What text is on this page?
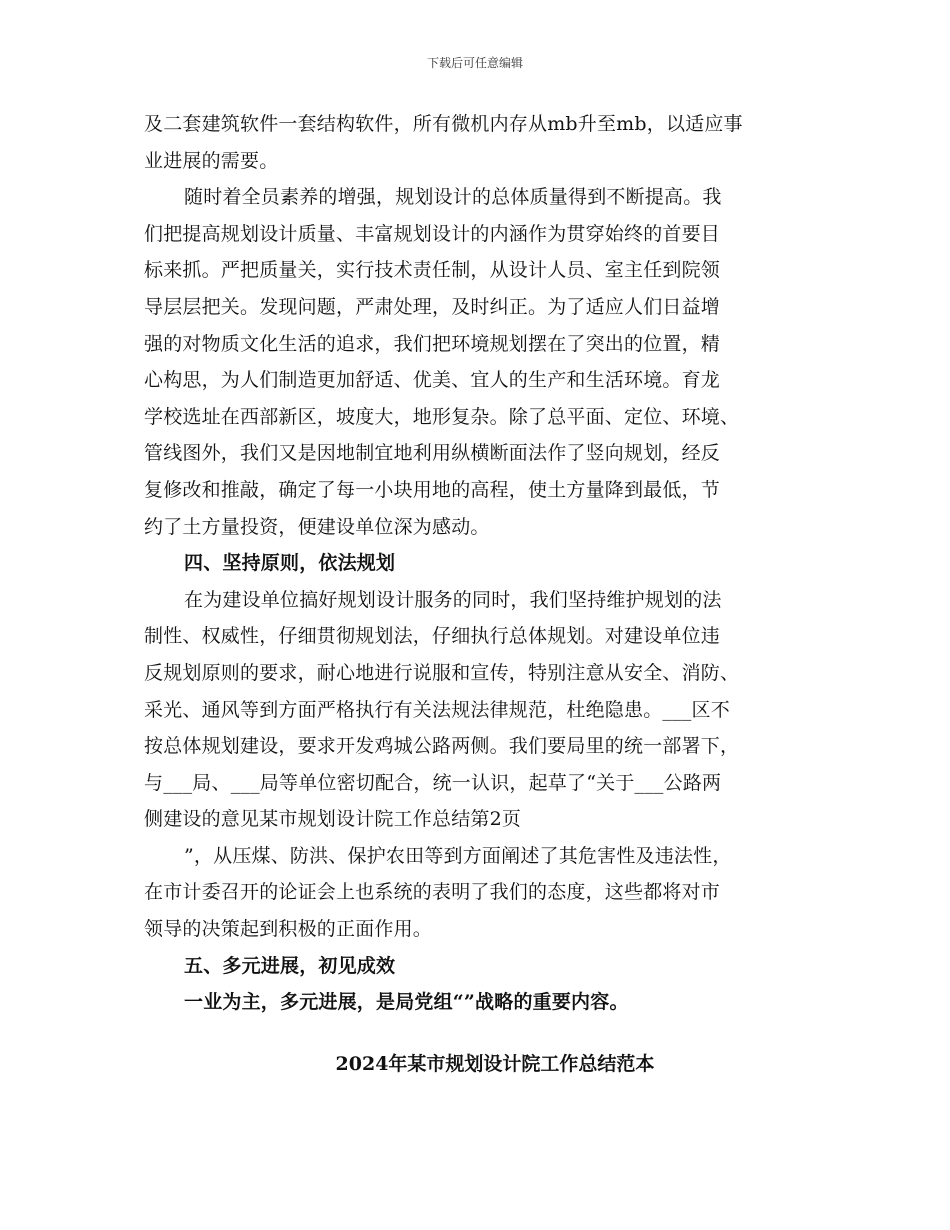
下载后可任意编辑
及二套建筑软件一套结构软件，所有微机内存从mb升至mb，以适应事
业进展的需要。
随时着全员素养的增强，规划设计的总体质量得到不断提高。我
们把提高规划设计质量、丰富规划设计的内涵作为贯穿始终的首要目
标来抓。严把质量关，实行技术责任制，从设计人员、室主任到院领
导层层把关。发现问题，严肃处理，及时纠正。为了适应人们日益增
强的对物质文化生活的追求，我们把环境规划摆在了突出的位置，精
心构思，为人们制造更加舒适、优美、宜人的生产和生活环境。育龙
学校选址在西部新区，坡度大，地形复杂。除了总平面、定位、环境、
管线图外，我们又是因地制宜地利用纵横断面法作了竖向规划，经反
复修改和推敲，确定了每一小块用地的高程，使土方量降到最低，节
约了土方量投资，便建设单位深为感动。
四、坚持原则，依法规划
在为建设单位搞好规划设计服务的同时，我们坚持维护规划的法
制性、权威性，仔细贯彻规划法，仔细执行总体规划。对建设单位违
反规划原则的要求，耐心地进行说服和宣传，特别注意从安全、消防、
采光、通风等到方面严格执行有关法规法律规范，杜绝隐患。___区不
按总体规划建设，要求开发鸡城公路两侧。我们要局里的统一部署下，
与___局、___局等单位密切配合，统一认识，起草了“关于___公路两
侧建设的意见某市规划设计院工作总结第2页
”，从压煤、防洪、保护农田等到方面阐述了其危害性及违法性，
在市计委召开的论证会上也系统的表明了我们的态度，这些都将对市
领导的决策起到积极的正面作用。
五、多元进展，初见成效
一业为主，多元进展，是局党组“”战略的重要内容。
2024年某市规划设计院工作总结范本
